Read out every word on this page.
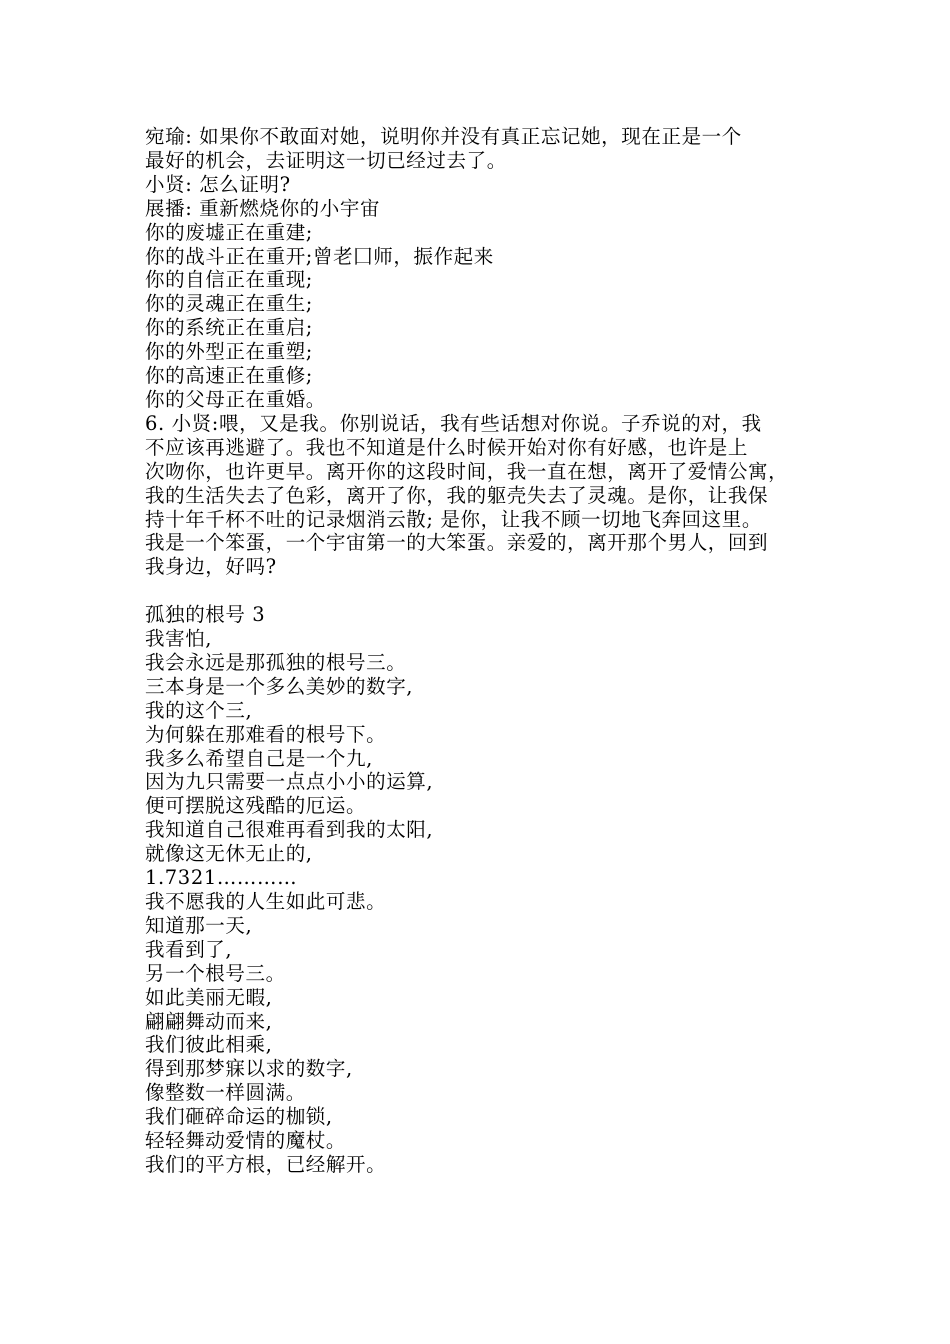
宛瑜: 如果你不敢面对她，说明你并没有真正忘记她，现在正是一个
最好的机会，去证明这一切已经过去了。
小贤: 怎么证明?
展播: 重新燃烧你的小宇宙
你的废墟正在重建;
你的战斗正在重开;曾老囗师，振作起来
你的自信正在重现;
你的灵魂正在重生;
你的系统正在重启;
你的外型正在重塑;
你的高速正在重修;
你的父母正在重婚。
6. 小贤:喂，又是我。你别说话，我有些话想对你说。子乔说的对，我
不应该再逃避了。我也不知道是什么时候开始对你有好感，也许是上
次吻你，也许更早。离开你的这段时间，我一直在想，离开了爱情公寓，
我的生活失去了色彩，离开了你，我的躯壳失去了灵魂。是你，让我保
持十年千杯不吐的记录烟消云散; 是你，让我不顾一切地飞奔回这里。
我是一个笨蛋，一个宇宙第一的大笨蛋。亲爱的，离开那个男人，回到
我身边，好吗?
孤独的根号 3
我害怕,
我会永远是那孤独的根号三。
三本身是一个多么美妙的数字,
我的这个三,
为何躲在那难看的根号下。
我多么希望自己是一个九,
因为九只需要一点点小小的运算,
便可摆脱这残酷的厄运。
我知道自己很难再看到我的太阳,
就像这无休无止的,
1.7321…………
我不愿我的人生如此可悲。
知道那一天,
我看到了,
另一个根号三。
如此美丽无暇,
翩翩舞动而来,
我们彼此相乘,
得到那梦寐以求的数字,
像整数一样圆满。
我们砸碎命运的枷锁,
轻轻舞动爱情的魔杖。
我们的平方根，已经解开。
